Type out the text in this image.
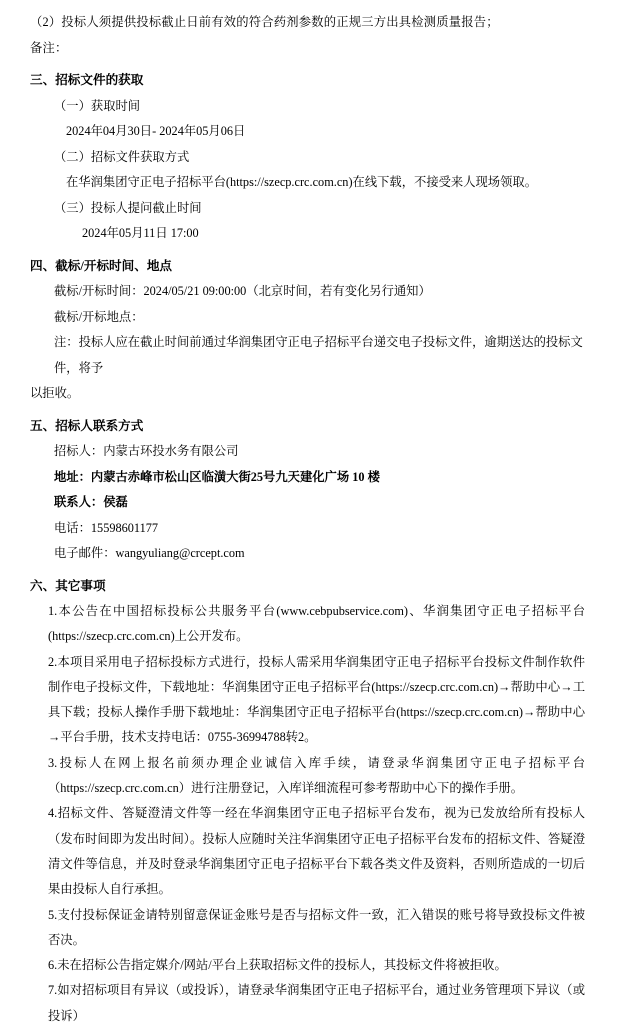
（2）投标人须提供投标截止日前有效的符合药剂参数的正规三方出具检测质量报告；
备注：
三、招标文件的获取
（一）获取时间
2024年04月30日- 2024年05月06日
（二）招标文件获取方式
在华润集团守正电子招标平台(https://szecp.crc.com.cn)在线下载，不接受来人现场领取。
（三）投标人提问截止时间
2024年05月11日 17:00
四、截标/开标时间、地点
截标/开标时间：2024/05/21 09:00:00（北京时间，若有变化另行通知）
截标/开标地点：
注：投标人应在截止时间前通过华润集团守正电子招标平台递交电子投标文件，逾期送达的投标文件，将予
以拒收。
五、招标人联系方式
招标人：内蒙古环投水务有限公司
地址：内蒙古赤峰市松山区临潢大街25号九天建化广场 10 楼
联系人：侯磊
电话：15598601177
电子邮件：wangyuliang@crcept.com
六、其它事项
1.本公告在中国招标投标公共服务平台(www.cebpubservice.com)、华润集团守正电子招标平台(https://szecp.crc.com.cn)上公开发布。
2.本项目采用电子招标投标方式进行，投标人需采用华润集团守正电子招标平台投标文件制作软件制作电子投标文件，下载地址：华润集团守正电子招标平台(https://szecp.crc.com.cn)→帮助中心→工具下载；投标人操作手册下载地址：华润集团守正电子招标平台(https://szecp.crc.com.cn)→帮助中心→平台手册，技术支持电话：0755-36994788转2。
3.投标人在网上报名前须办理企业诚信入库手续，请登录华润集团守正电子招标平台（https://szecp.crc.com.cn）进行注册登记，入库详细流程可参考帮助中心下的操作手册。
4.招标文件、答疑澄清文件等一经在华润集团守正电子招标平台发布，视为已发放给所有投标人（发布时间即为发出时间）。投标人应随时关注华润集团守正电子招标平台发布的招标文件、答疑澄清文件等信息，并及时登录华润集团守正电子招标平台下载各类文件及资料，否则所造成的一切后果由投标人自行承担。
5.支付投标保证金请特别留意保证金账号是否与招标文件一致，汇入错误的账号将导致投标文件被否决。
6.未在招标公告指定媒介/网站/平台上获取招标文件的投标人，其投标文件将被拒收。
7.如对招标项目有异议（或投诉），请登录华润集团守正电子招标平台，通过业务管理项下异议（或投诉）
